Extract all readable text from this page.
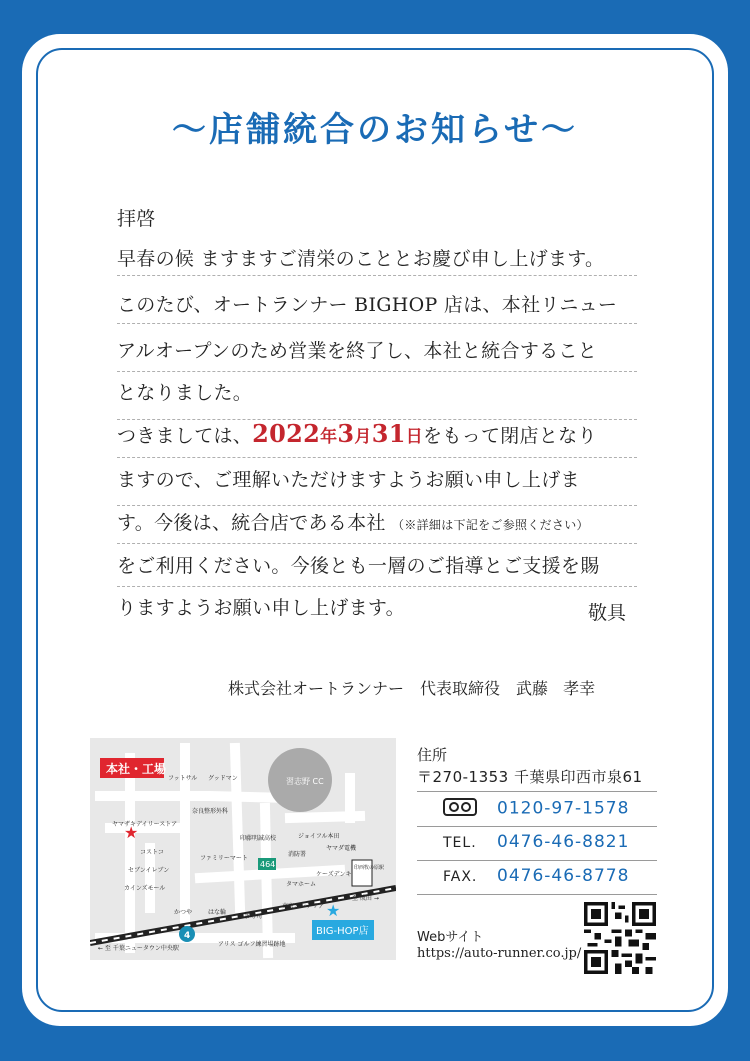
〜店舗統合のお知らせ〜
拝啓
早春の候 ますますご清栄のこととお慶び申し上げます。
このたび、オートランナー BIGHOP 店は、本社リニュー
アルオープンのため営業を終了し、本社と統合すること
となりました。
つきましては、2022年3月31日をもって閉店となり
ますので、ご理解いただけますようお願い申し上げま
す。今後は、統合店である本社 （※詳細は下記をご参照ください）
をご利用ください。今後とも一層のご指導とご支援を賜
りますようお願い申し上げます。	敬具
株式会社オートランナー　代表取締役　武藤 孝幸
習志野 CC
印西牧の原駅
464
4
本社・工場
★
★
BIG-HOP店
フットサル グッドマン
奈良整形外科
ヤマザキデイリーストア
印藤明誠高校	ジョイフル本田
ヤマダ電機
コストコ
ファミリーマート
消防署
セブンイレブン
カインズモール
タマホーム
ケーズデンキ
東京インテリア
かつや	はな輪
はま寿司
アリス ゴルフ練習場跡地
← 至 千葉ニュータウン中央駅
至 成田 →
住所
〒270-1353 千葉県印西市泉61
0120-97-1578
TEL. 0476-46-8821
FAX. 0476-46-8778
Webサイト
https://auto-runner.co.jp/
